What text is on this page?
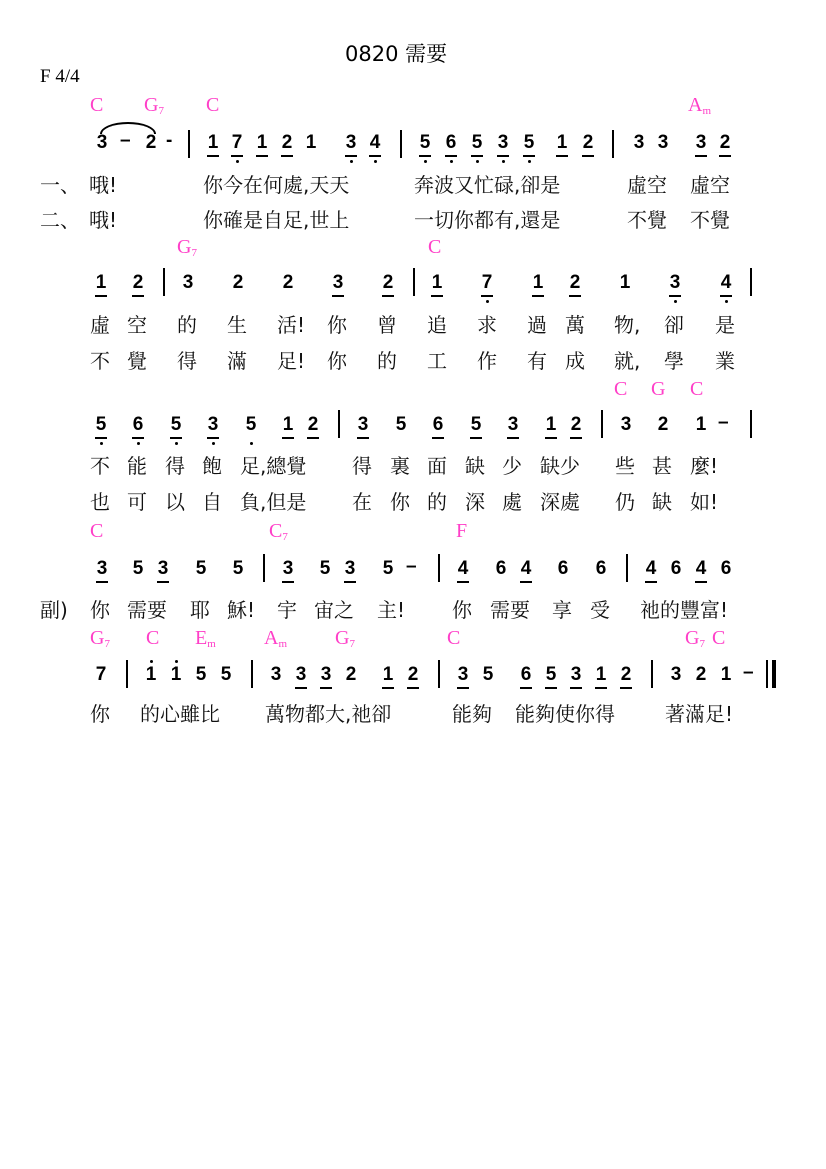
0820 需要
F 4/4
C $G_7$ C	$A_m$
3 – 2 - 1 7 1 2 1 3 4 5 6 5 3 5 1 2 3 3 3 2
一、 哦!	你今在何處,天天	奔波又忙碌,卻是	虛空 虛空
二、 哦!	你確是自足,世上	一切你都有,還是	不覺 不覺
$G_7$	C
1 2 3 2 2 3 2 1 7 1 2 1 3 4
虛 空 的 生 活! 你 曾 追 求 過 萬 物, 卻 是
不 覺 得 滿 足! 你 的 工 作 有 成 就, 學 業
C G C
5 6 5 3 5 1 2 3 5 6 5 3 1 2 3 2 1 –
不 能 得 飽 足,總覺 得 裏 面 缺 少 缺少 些 甚 麼!
也 可 以 自 負,但是 在 你 的 深 處 深處 仍 缺 如!
C	$C_7$	F
3 5 3 5 5 3 5 3 5 – 4 6 4 6 6 4 6 4 6
副) 你 需要 耶 穌! 宇 宙之 主! 你 需要 享 受 祂的豐富!
$G_7$ C $E_m$ $A_m$ $G_7$	C	$G_7$ C
7 1 1 5 5 3 3 3 2 1 2 3 5 6 5 3 1 2 3 2 1 –
你 的心雖比 萬物都大,祂卻	能夠 能夠使你得	著滿足!
